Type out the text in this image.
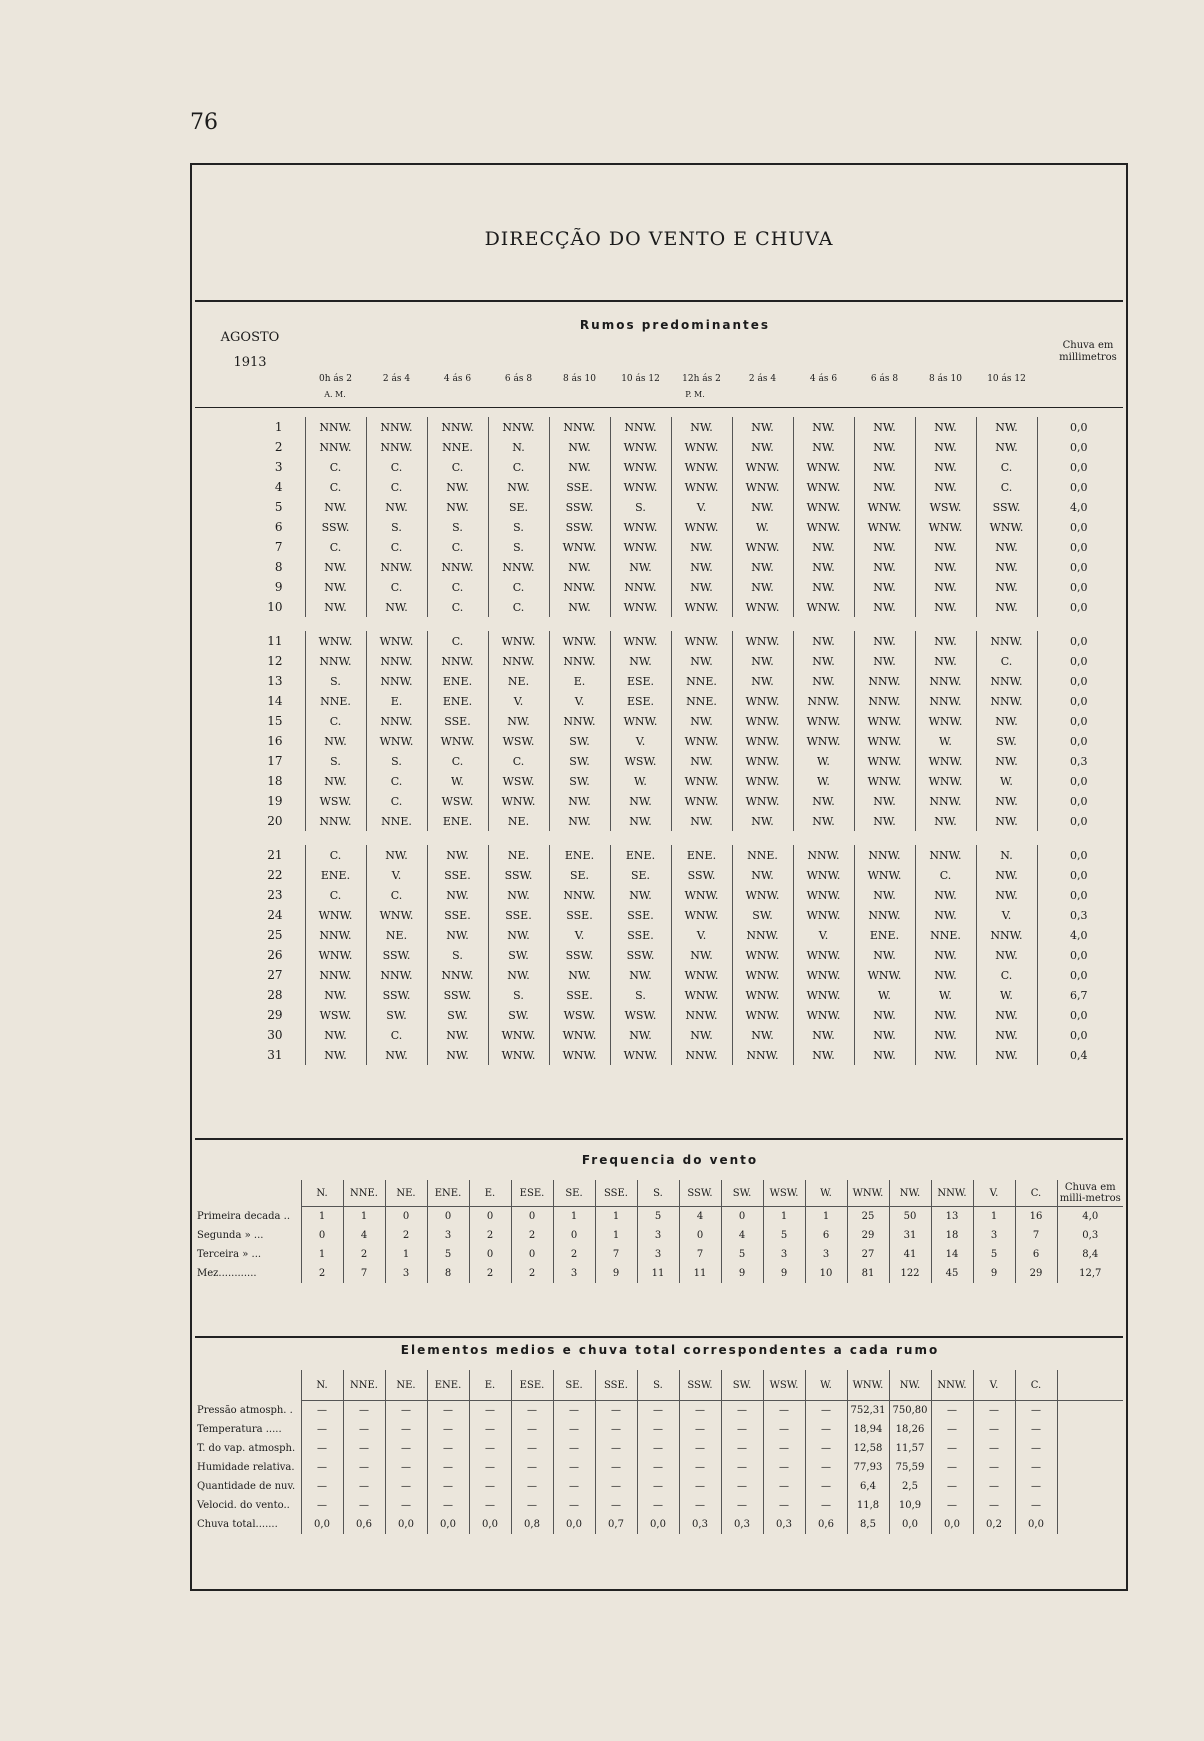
76
DIRECÇÃO DO VENTO E CHUVA
AGOSTO
1913
Rumos predominantes
Chuva em millimetros
0h ás 2	2 ás 4	4 ás 6	6 ás 8	8 ás 10	10 ás 12	12h ás 2	2 ás 4	4 ás 6	6 ás 8	8 ás 10	10 ás 12
A. M.	P. M.
1	NNW.	NNW.	NNW.	NNW.	NNW.	NNW.	NW.	NW.	NW.	NW.	NW.	NW.	0,0
2	NNW.	NNW.	NNE.	N.	NW.	WNW.	WNW.	NW.	NW.	NW.	NW.	NW.	0,0
3	C.	C.	C.	C.	NW.	WNW.	WNW.	WNW.	WNW.	NW.	NW.	C.	0,0
4	C.	C.	NW.	NW.	SSE.	WNW.	WNW.	WNW.	WNW.	NW.	NW.	C.	0,0
5	NW.	NW.	NW.	SE.	SSW.	S.	V.	NW.	WNW.	WNW.	WSW.	SSW.	4,0
6	SSW.	S.	S.	S.	SSW.	WNW.	WNW.	W.	WNW.	WNW.	WNW.	WNW.	0,0
7	C.	C.	C.	S.	WNW.	WNW.	NW.	WNW.	NW.	NW.	NW.	NW.	0,0
8	NW.	NNW.	NNW.	NNW.	NW.	NW.	NW.	NW.	NW.	NW.	NW.	NW.	0,0
9	NW.	C.	C.	C.	NNW.	NNW.	NW.	NW.	NW.	NW.	NW.	NW.	0,0
10	NW.	NW.	C.	C.	NW.	WNW.	WNW.	WNW.	WNW.	NW.	NW.	NW.	0,0

11	WNW.	WNW.	C.	WNW.	WNW.	WNW.	WNW.	WNW.	NW.	NW.	NW.	NNW.	0,0
12	NNW.	NNW.	NNW.	NNW.	NNW.	NW.	NW.	NW.	NW.	NW.	NW.	C.	0,0
13	S.	NNW.	ENE.	NE.	E.	ESE.	NNE.	NW.	NW.	NNW.	NNW.	NNW.	0,0
14	NNE.	E.	ENE.	V.	V.	ESE.	NNE.	WNW.	NNW.	NNW.	NNW.	NNW.	0,0
15	C.	NNW.	SSE.	NW.	NNW.	WNW.	NW.	WNW.	WNW.	WNW.	WNW.	NW.	0,0
16	NW.	WNW.	WNW.	WSW.	SW.	V.	WNW.	WNW.	WNW.	WNW.	W.	SW.	0,0
17	S.	S.	C.	C.	SW.	WSW.	NW.	WNW.	W.	WNW.	WNW.	NW.	0,3
18	NW.	C.	W.	WSW.	SW.	W.	WNW.	WNW.	W.	WNW.	WNW.	W.	0,0
19	WSW.	C.	WSW.	WNW.	NW.	NW.	WNW.	WNW.	NW.	NW.	NNW.	NW.	0,0
20	NNW.	NNE.	ENE.	NE.	NW.	NW.	NW.	NW.	NW.	NW.	NW.	NW.	0,0

21	C.	NW.	NW.	NE.	ENE.	ENE.	ENE.	NNE.	NNW.	NNW.	NNW.	N.	0,0
22	ENE.	V.	SSE.	SSW.	SE.	SE.	SSW.	NW.	WNW.	WNW.	C.	NW.	0,0
23	C.	C.	NW.	NW.	NNW.	NW.	WNW.	WNW.	WNW.	NW.	NW.	NW.	0,0
24	WNW.	WNW.	SSE.	SSE.	SSE.	SSE.	WNW.	SW.	WNW.	NNW.	NW.	V.	0,3
25	NNW.	NE.	NW.	NW.	V.	SSE.	V.	NNW.	V.	ENE.	NNE.	NNW.	4,0
26	WNW.	SSW.	S.	SW.	SSW.	SSW.	NW.	WNW.	WNW.	NW.	NW.	NW.	0,0
27	NNW.	NNW.	NNW.	NW.	NW.	NW.	WNW.	WNW.	WNW.	WNW.	NW.	C.	0,0
28	NW.	SSW.	SSW.	S.	SSE.	S.	WNW.	WNW.	WNW.	W.	W.	W.	6,7
29	WSW.	SW.	SW.	SW.	WSW.	WSW.	NNW.	WNW.	WNW.	NW.	NW.	NW.	0,0
30	NW.	C.	NW.	WNW.	WNW.	NW.	NW.	NW.	NW.	NW.	NW.	NW.	0,0
31	NW.	NW.	NW.	WNW.	WNW.	WNW.	NNW.	NNW.	NW.	NW.	NW.	NW.	0,4
Frequencia do vento
	N.	NNE.	NE.	ENE.	E.	ESE.	SE.	SSE.	S.	SSW.	SW.	WSW.	W.	WNW.	NW.	NNW.	V.	C.	Chuva em milli-metros
Primeira decada ..	1	1	0	0	0	0	1	1	5	4	0	1	1	25	50	13	1	16	4,0
Segunda » ...	0	4	2	3	2	2	0	1	3	0	4	5	6	29	31	18	3	7	0,3
Terceira » ...	1	2	1	5	0	0	2	7	3	7	5	3	3	27	41	14	5	6	8,4
Mez............	2	7	3	8	2	2	3	9	11	11	9	9	10	81	122	45	9	29	12,7
Elementos medios e chuva total correspondentes a cada rumo
	N.	NNE.	NE.	ENE.	E.	ESE.	SE.	SSE.	S.	SSW.	SW.	WSW.	W.	WNW.	NW.	NNW.	V.	C.	
Pressão atmosph. .	—	—	—	—	—	—	—	—	—	—	—	—	—	752,31	750,80	—	—	—	
Temperatura .....	—	—	—	—	—	—	—	—	—	—	—	—	—	18,94	18,26	—	—	—	
T. do vap. atmosph.	—	—	—	—	—	—	—	—	—	—	—	—	—	12,58	11,57	—	—	—	
Humidade relativa.	—	—	—	—	—	—	—	—	—	—	—	—	—	77,93	75,59	—	—	—	
Quantidade de nuv.	—	—	—	—	—	—	—	—	—	—	—	—	—	6,4	2,5	—	—	—	
Velocid. do vento..	—	—	—	—	—	—	—	—	—	—	—	—	—	11,8	10,9	—	—	—	
Chuva total.......	0,0	0,6	0,0	0,0	0,0	0,8	0,0	0,7	0,0	0,3	0,3	0,3	0,6	8,5	0,0	0,0	0,2	0,0	
